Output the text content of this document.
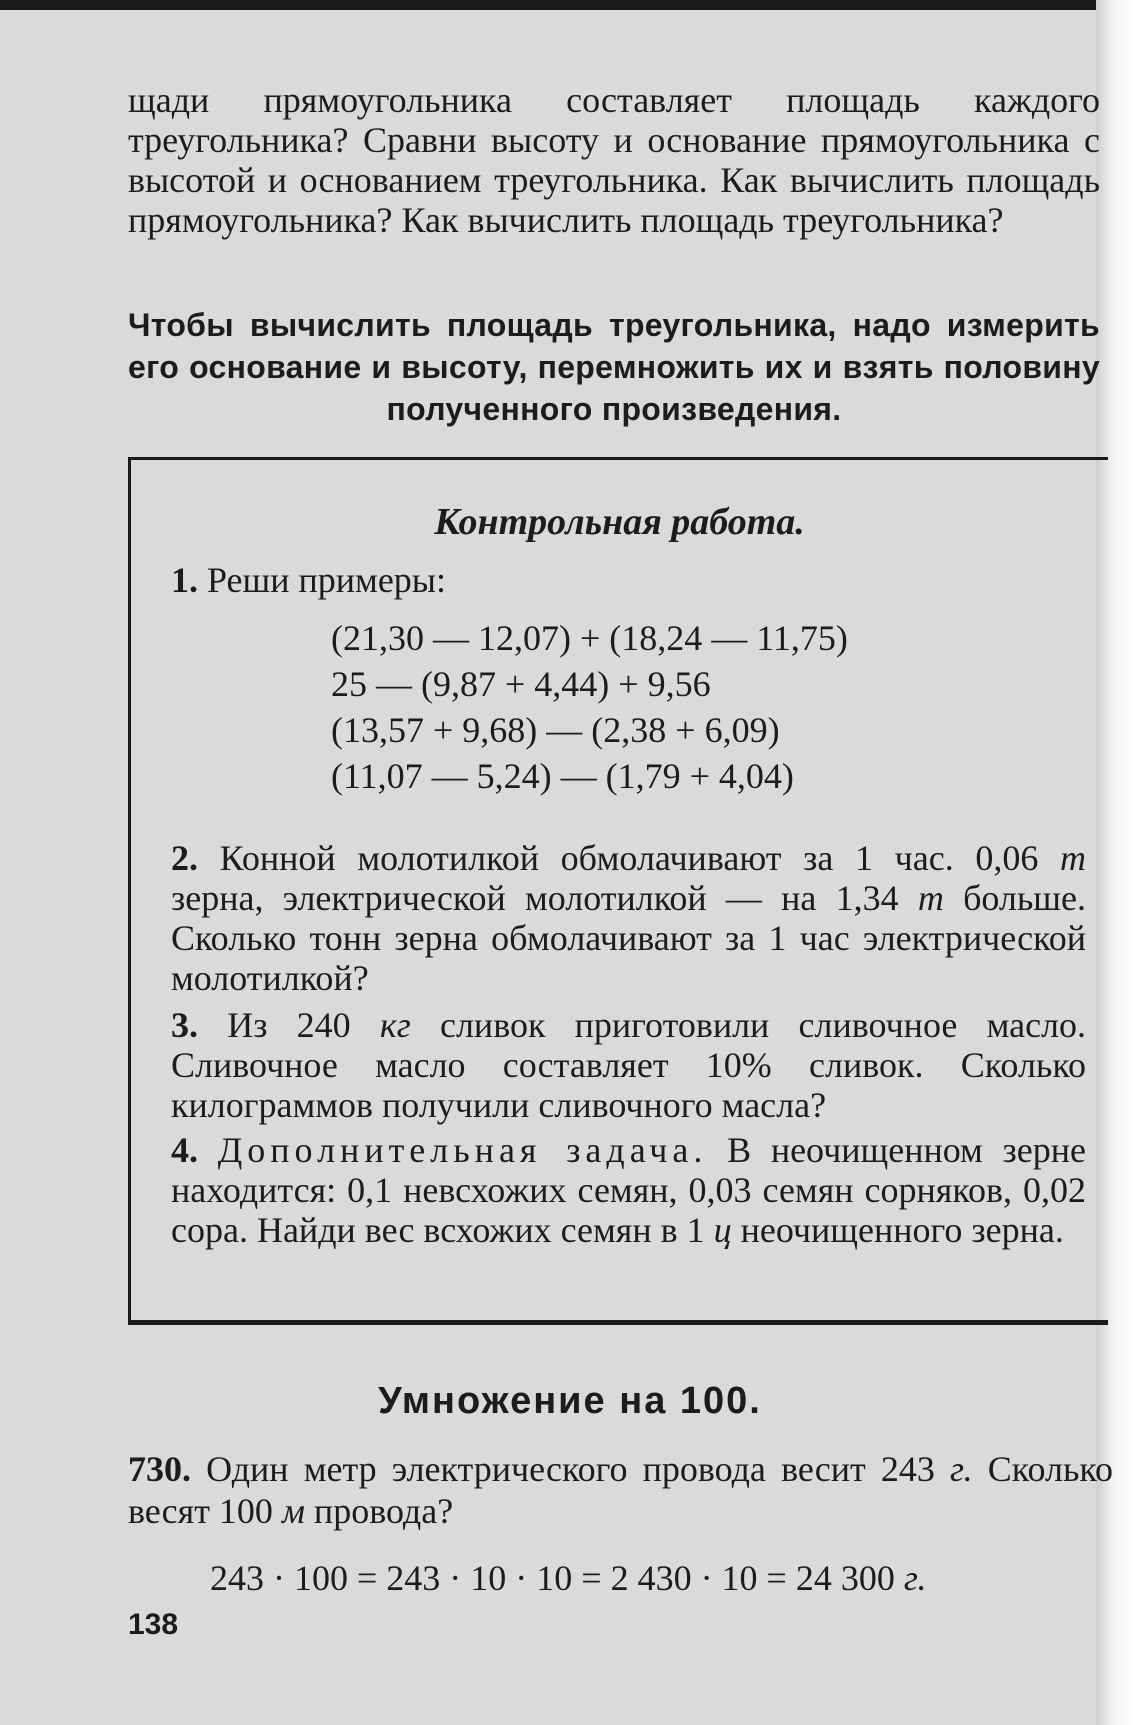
щади прямоугольника составляет площадь каждого треугольника? Сравни высоту и основание прямоугольника с высотой и основанием треугольника. Как вычислить площадь прямоугольника? Как вычислить площадь треугольника?

Чтобы вычислить площадь треугольника, надо измерить его основание и высоту, перемножить их и взять половину полученного произведения.

Контрольная работа.

1. Реши примеры:

(21,30 — 12,07) + (18,24 — 11,75)

25 — (9,87 + 4,44) + 9,56

(13,57 + 9,68) — (2,38 + 6,09)

(11,07 — 5,24) — (1,79 + 4,04)

2. Конной молотилкой обмолачивают за 1 час. 0,06 т зерна, электрической молотилкой — на 1,34 т больше. Сколько тонн зерна обмолачивают за 1 час электрической молотилкой?

3. Из 240 кг сливок приготовили сливочное масло. Сливочное масло составляет 10% сливок. Сколько килограммов получили сливочного масла?

4. Дополнительная задача. В неочищенном зерне находится: 0,1 невсхожих семян, 0,03 семян сорняков, 0,02 сора. Найди вес всхожих семян в 1 ц неочищенного зерна.

Умножение на 100.

730. Один метр электрического провода весит 243 г. Сколько весят 100 м провода?

243 · 100 = 243 · 10 · 10 = 2 430 · 10 = 24 300 г.

138
